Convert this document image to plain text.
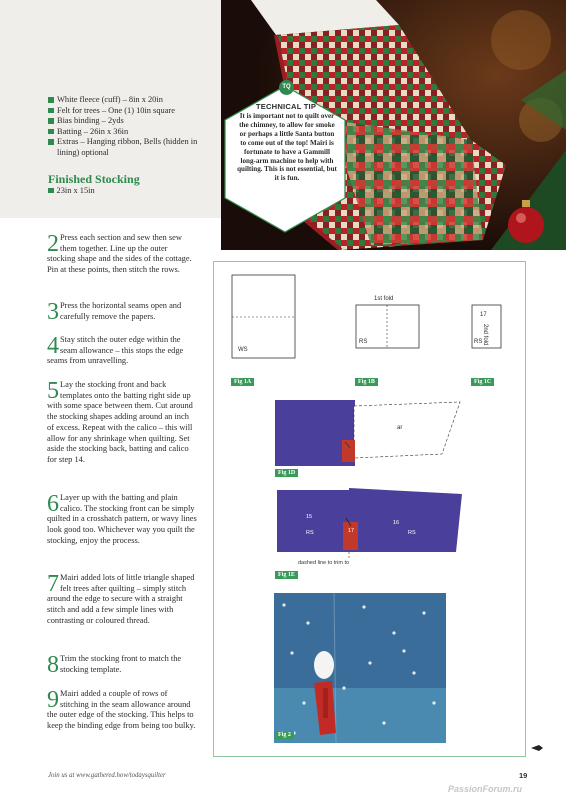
White fleece (cuff) – 8in x 20in
Felt for trees – One (1) 10in square
Bias binding – 2yds
Batting – 26in x 36in
Extras – Hanging ribbon, Bells (hidden in lining) optional
Finished Stocking
23in x 15in
TQ
TECHNICAL TIP
It is important not to quilt over the chimney, to allow for smoke or perhaps a little Santa button to come out of the top! Mairi is fortunate to have a Gammill long-arm machine to help with quilting. This is not essential, but it is fun.
2 Press each section and sew then sew them together. Line up the outer stocking shape and the sides of the cottage. Pin at these points, then stitch the rows.
3 Press the horizontal seams open and carefully remove the papers.
4 Stay stitch the outer edge within the seam allowance – this stops the edge seams from unravelling.
5 Lay the stocking front and back templates onto the batting right side up with some space between them. Cut around the stocking shapes adding around an inch of excess. Repeat with the calico – this will allow for any shrinkage when quilting. Set aside the stocking back, batting and calico for step 14.
6 Layer up with the batting and plain calico. The stocking front can be simply quilted in a crosshatch pattern, or wavy lines look good too. Whichever way you quilt the stocking, enjoy the process.
7 Mairi added lots of little triangle shaped felt trees after quilting – simply stitch around the edge to secure with a straight stitch and add a few simple lines with contrasting or coloured thread.
8 Trim the stocking front to match the stocking template.
9 Mairi added a couple of rows of stitching in the seam allowance around the outer edge of the stocking. This helps to keep the binding edge from being too bulky.
WS
Fig 1A
1st fold
RS
Fig 1B
17
RS 2nd fold
Fig 1C
ar
Fig 1D
15
RS	17
16
RS
dashed line to trim to
Fig 1E
Fig 2
Join us at www.gathered.how/todaysquilter	19
PassionForum.ru
